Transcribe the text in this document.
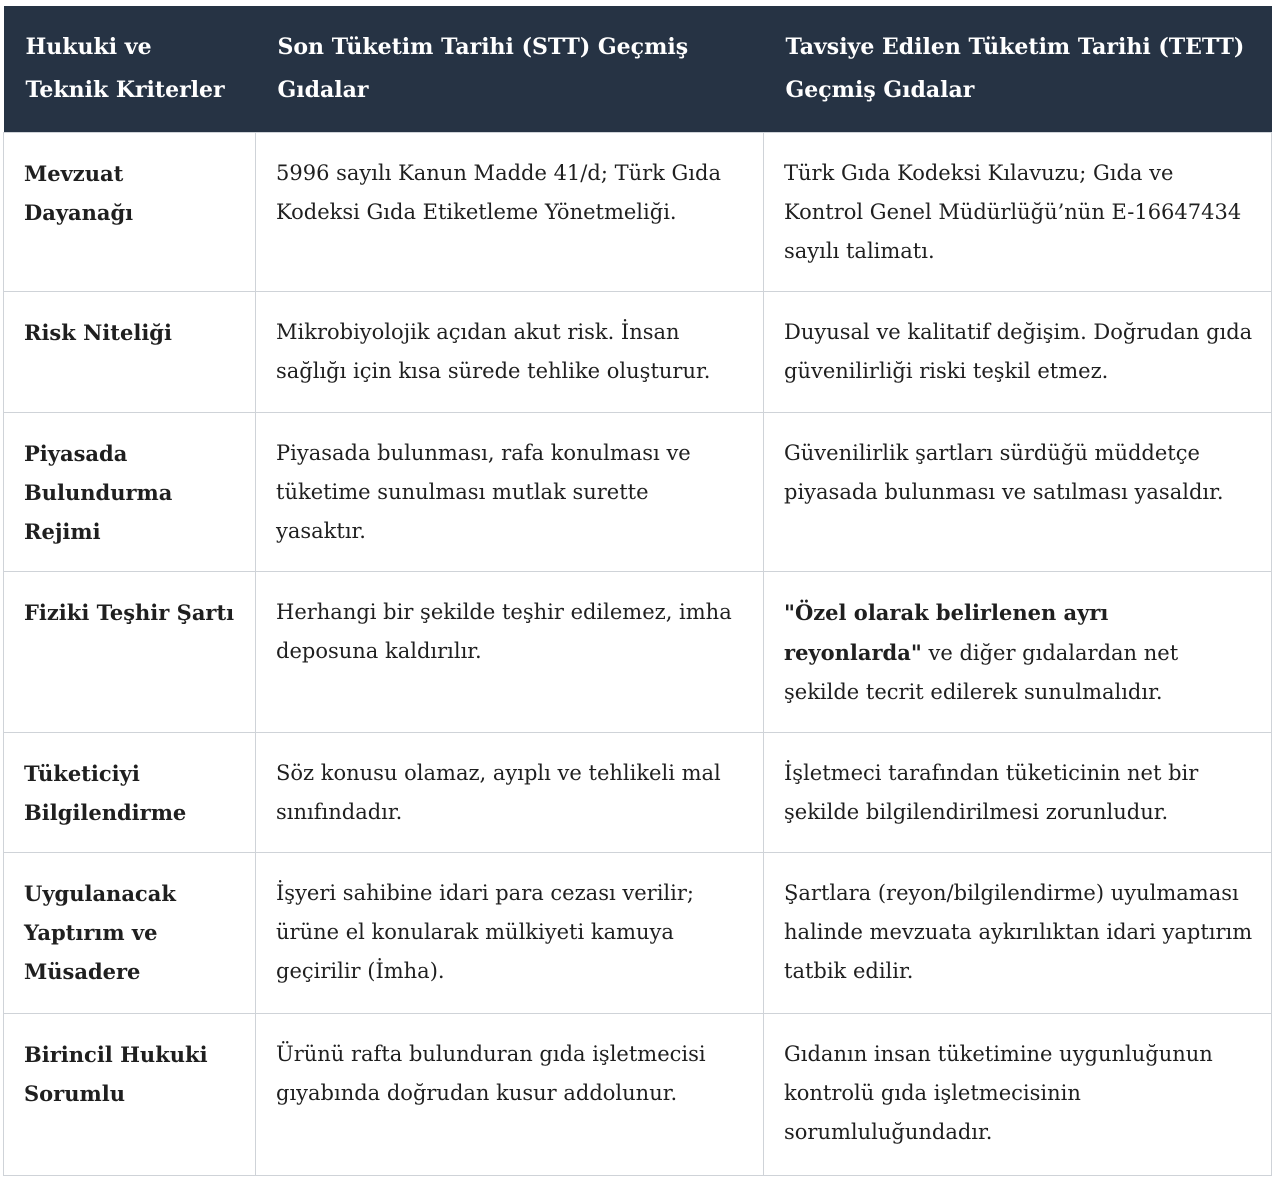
Hukuki ve Teknik Kriterler	Son Tüketim Tarihi (STT) Geçmiş Gıdalar	Tavsiye Edilen Tüketim Tarihi (TETT) Geçmiş Gıdalar
Mevzuat Dayanağı	5996 sayılı Kanun Madde 41/d; Türk Gıda Kodeksi Gıda Etiketleme Yönetmeliği.	Türk Gıda Kodeksi Kılavuzu; Gıda ve Kontrol Genel Müdürlüğü’nün E-16647434 sayılı talimatı.
Risk Niteliği	Mikrobiyolojik açıdan akut risk. İnsan sağlığı için kısa sürede tehlike oluşturur.	Duyusal ve kalitatif değişim. Doğrudan gıda güvenilirliği riski teşkil etmez.
Piyasada Bulundurma Rejimi	Piyasada bulunması, rafa konulması ve tüketime sunulması mutlak surette yasaktır.	Güvenilirlik şartları sürdüğü müddetçe piyasada bulunması ve satılması yasaldır.
Fiziki Teşhir Şartı	Herhangi bir şekilde teşhir edilemez, imha deposuna kaldırılır.	"Özel olarak belirlenen ayrı reyonlarda" ve diğer gıdalardan net şekilde tecrit edilerek sunulmalıdır.
Tüketiciyi Bilgilendirme	Söz konusu olamaz, ayıplı ve tehlikeli mal sınıfındadır.	İşletmeci tarafından tüketicinin net bir şekilde bilgilendirilmesi zorunludur.
Uygulanacak Yaptırım ve Müsadere	İşyeri sahibine idari para cezası verilir; ürüne el konularak mülkiyeti kamuya geçirilir (İmha).	Şartlara (reyon/bilgilendirme) uyulmaması halinde mevzuata aykırılıktan idari yaptırım tatbik edilir.
Birincil Hukuki Sorumlu	Ürünü rafta bulunduran gıda işletmecisi gıyabında doğrudan kusur addolunur.	Gıdanın insan tüketimine uygunluğunun kontrolü gıda işletmecisinin sorumluluğundadır.
